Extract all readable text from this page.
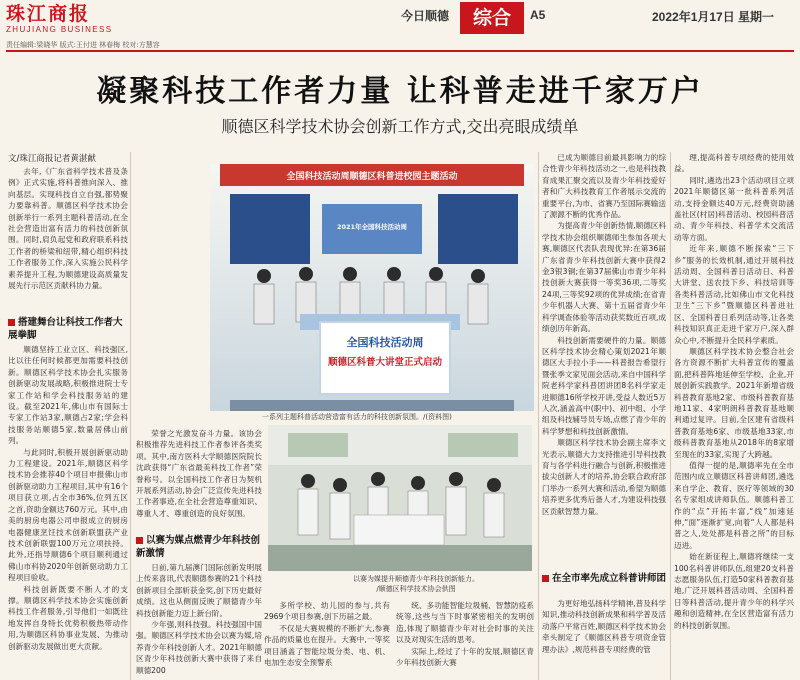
珠江商报
ZHUJIANG BUSINESS
今日顺德	综合	A5	2022年1月17日 星期一
责任编辑:梁晓华 版式:王付进 林春梅 校对:方慧容
凝聚科技工作者力量 让科普走进千家万户
顺德区科学技术协会创新工作方式,交出亮眼成绩单
文/珠江商报记者黄湛献

去年,《广东省科学技术普及条例》正式实施,将科普推向深入、推向基层。实现科技自立自强,都势聚力要靠科普。顺德区科学技术协会创新举行一系列主题科普活动,在全社会营造出富有活力的科技创新氛围。同时,肩负起党和政府联系科技工作者的桥梁和纽带,精心组织科技工作者服务工作,深入实施公民科学素养提升工程,为顺德建设高质量发展先行示范区贡献科协力量。

搭建舞台让科技工作者大展拳脚

顺德坚持工业立区、科技强区,比以往任何时候都更加需要科技创新。顺德区科学技术协会扎实服务创新驱动发展战略,积极推进院士专家工作站和学会科技服务站的建设。截至2021年,佛山市有国际士专家工作站3家,顺德占2家;学会科技服务站顺德5家,数量居佛山前列。

与此同时,积极开展创新驱动助力工程建设。2021年,顺德区科学技术协会推荐40个项目申报佛山市创新驱动助力工程项目,其中有16个项目获立项,占全市36%,位列五区之首,资助金额达760万元。其中,由美的厨房电器公司申报成立的厨房电器健康烹饪技术创新联盟获产业技术创新联盟100万元立项扶持。此外,还指导顺德6个项目顺利通过佛山市科协2020年创新驱动助力工程项目验收。

科技创新既要不断人才的支撑。顺德区科学技术协会实施创新科技工作者服务,引导他们一如既往地发挥自身特长优势积极热带动作用,为顺德区科协事业发展、为推动创新驱动发展做出更大贡献。

全国科技活动周顺德区科普进校园主题活动
2021年全国科技活动周
全国科技活动周
顺德区科普大讲堂正式启动
一系列主题科普活动营造富有活力的科技创新氛围。/(资料图)

荣誉之光激发奋斗力量。该协会积极推荐先进科技工作者参评各类奖项。其中,南方医科大学顺德医院院长沈政获得“广东省最美科技工作者”荣誉称号。以全国科技工作者日为契机开展系列活动,协会广泛宣传先进科技工作者事迹,在全社会营造尊重知识、尊重人才、尊重创造的良好氛围。

以赛为媒点燃青少年科技创新激情

日前,第九届澳门国际创新发明展上传来喜讯,代表顺德参赛的21个科技创新项目全部斩获金奖,创下历史最好成绩。这也从侧面反映了顺德青少年科技创新能力迈上新台阶。

少年强,则科技强。科技强国中国强。顺德区科学技术协会以赛为媒,培养青少年科技创新人才。2021年顺德区青少年科技创新大赛中获得了来自顺德200

以赛为媒提升顺德青少年科技创新能力。
/顺德区科学技术协会供图

多所学校、幼儿园的参与,共有2969个项目参赛,创下历届之最。

不仅是大赛规模的不断扩大,参赛作品的质量也在提升。大赛中,一等奖项目涵盖了智能垃圾分类、电、机、电加生态安全预警系

统、多功能智能垃圾桶、智慧防疫系统等,这些与当下时事紧密相关的发明创造,体现了顺德青少年对社会时事的关注以及对现实生活的思考。

实际上,经过了十年的发展,顺德区青少年科技创新大赛

已成为顺德目前最具影响力的综合性青少年科技活动之一,也是科技教育成果汇聚交流以及青少年科技爱好者和广大科技教育工作者展示交流的重要平台,为市、省赛乃至国际赛输送了源源不断的优秀作品。

为提高青少年创新热情,顺德区科学技术协会组织顺德师生参加各项大赛,顺德区代表队表现优异:在第36届广东省青少年科技创新大赛中获得2金3银3铜;在第37届佛山市青少年科技创新大赛获得一等奖36项,二等奖24项,三等奖92项的优异成绩;在省青少年机器人大赛、第十五届省青少年科学调查体验等活动获奖数近百项,成绩创历年新高。

科技创新需要硬件的力量。顺德区科学技术协会精心策划2021年顺德区大手拉小手——科普报告希望行暨张季文家见面会活动,来自中国科学院老科学家科普团讲团8名科学家走进顺德16所学校开讲,受益人数近5万人次,涵盖高中(职中)、初中组、小学组及科技辅导员专场,点燃了青少年的科学梦想和科技创新激情。

顺德区科学技术协会副主席李文光表示,顺德大力支持推进引导科技教育与各学科进行融合与创新,积极推进拔尖创新人才的培养,协会联合政府部门举办一系列大赛和活动,希望为顺德培养更多优秀后备人才,为建设科技强区贡献智慧力量。

在全市率先成立科普讲师团

为更好地弘扬科学精神,普及科学知识,推动科技创新成果和科学普及活动落户平常百姓,顺德区科学技术协会牵头制定了《顺德区科普专项资金管理办法》,规范科普专项经费的管

理,提高科普专项经费的使用效益。

同时,遴选出23个活动项目立项2021年顺德区第一批科普系列活动,支持金额达40万元,经费资助涵盖社区(村居)科普活动、校园科普活动、青少年科技、科普学术交流活动等方面。

近年来,顺德不断探索“三下乡”服务的长效机制,通过开展科技活动周、全国科普日活动日、科普大讲堂、送农技下乡、科技培训等各类科普活动,比如佛山市文化科技卫生“三下乡”暨顺德区科普进社区、全国科普日系列活动等,让各类科技知识真正走进千家万户,深入群众心中,不断提升全民科学素质。

顺德区科学技术协会整合社会各方资源不断扩大科普宣传的覆盖面,把科普阵地延伸至学校、企业,开展创新实践教学。2021年新增省级科普教育基地2家、市级科普教育基地11家、4家明朗科普教育基地顺利通过复评。目前,全区建有省级科普教育基地6家、市级基地33家,市级科普教育基地从2018年的8家增至现在的33家,实现了大跨越。

值得一提的是,顺德率先在全市范围内成立顺德区科普讲师团,遴选来自学企、教育、医疗等领域的30名专家组成讲师队伍。顺德科普工作的“点”开拓丰富,“线”加速延伸,“面”逐渐扩宽,向着“人人都是科普之人,处处都是科普之所”的目标迈进。

始在新征程上,顺德将继续一支100名科普讲师队伍,组建20支科普志愿服务队伍,打造50家科普教育基地,广泛开展科普活动周、全国科普日等科普活动,提升青少年的科学兴趣和创造精神,在全区营造富有活力的科技创新氛围。
